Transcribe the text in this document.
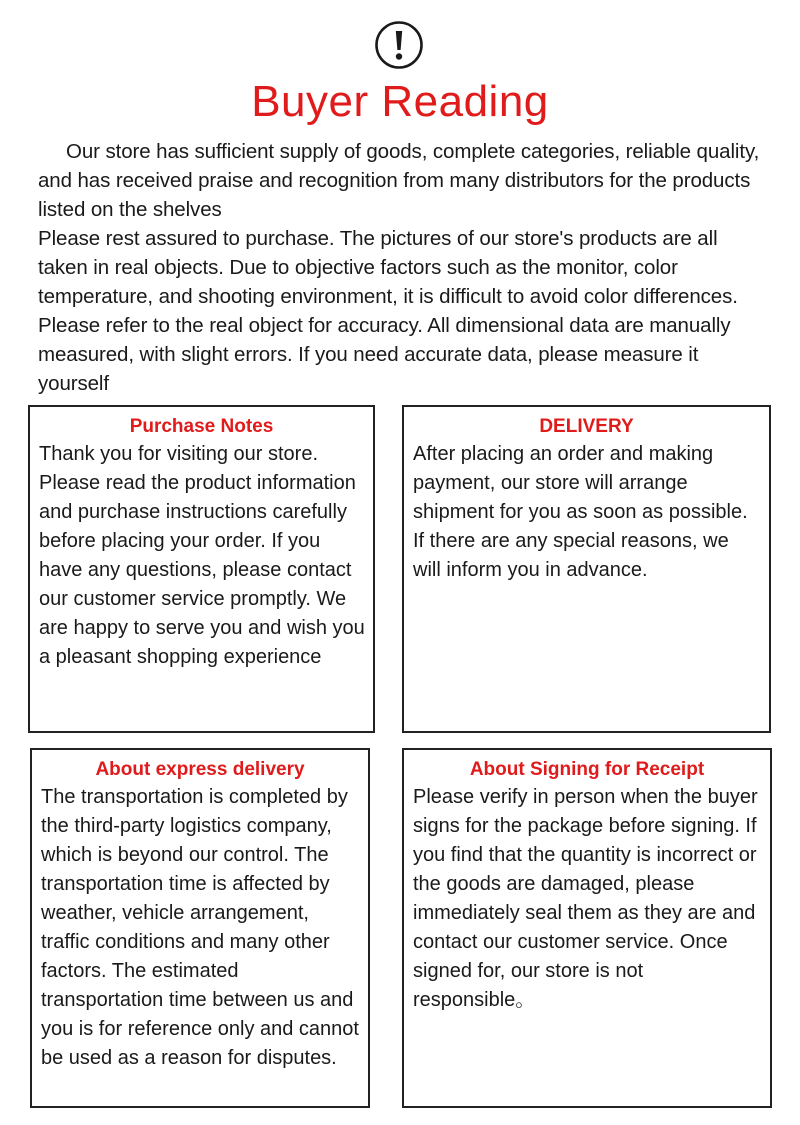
Buyer Reading

Our store has sufficient supply of goods, complete categories, reliable quality, and has received praise and recognition from many distributors for the products listed on the shelves

Please rest assured to purchase. The pictures of our store's products are all taken in real objects. Due to objective factors such as the monitor, color temperature, and shooting environment, it is difficult to avoid color differences. Please refer to the real object for accuracy. All dimensional data are manually measured, with slight errors. If you need accurate data, please measure it yourself

Purchase Notes
Thank you for visiting our store. Please read the product information and purchase instructions carefully before placing your order. If you have any questions, please contact our customer service promptly. We are happy to serve you and wish you a pleasant shopping experience
DELIVERY
After placing an order and making payment, our store will arrange shipment for you as soon as possible. If there are any special reasons, we will inform you in advance.
About express delivery
The transportation is completed by the third-party logistics company, which is beyond our control. The transportation time is affected by weather, vehicle arrangement, traffic conditions and many other factors. The estimated transportation time between us and you is for reference only and cannot be used as a reason for disputes.
About Signing for Receipt
Please verify in person when the buyer signs for the package before signing. If you find that the quantity is incorrect or the goods are damaged, please immediately seal them as they are and contact our customer service. Once signed for, our store is not responsible。
